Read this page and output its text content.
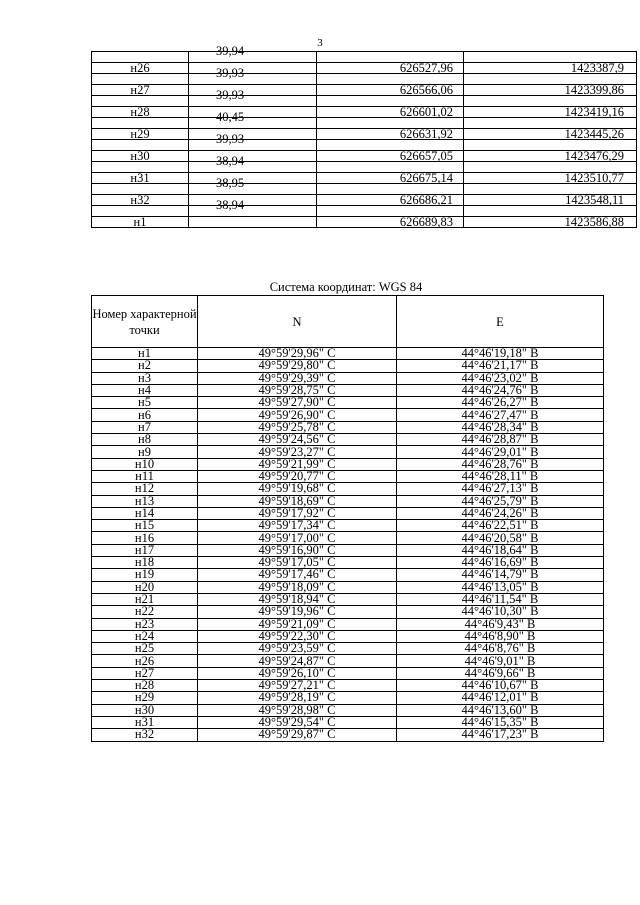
3
	39,94		
н26		626527,96	1423387,9
	39,93		
н27		626566,06	1423399,86
	39,93		
н28		626601,02	1423419,16
	40,45		
н29		626631,92	1423445,26
	39,93		
н30		626657,05	1423476,29
	38,94		
н31		626675,14	1423510,77
	38,95		
н32		626686,21	1423548,11
	38,94		
н1		626689,83	1423586,88
Система координат: WGS 84
Номер характерной точки	N	E
н1	49°59'29,96" С	44°46'19,18" В
н2	49°59'29,80" С	44°46'21,17" В
н3	49°59'29,39" С	44°46'23,02" В
н4	49°59'28,75" С	44°46'24,76" В
н5	49°59'27,90" С	44°46'26,27" В
н6	49°59'26,90" С	44°46'27,47" В
н7	49°59'25,78" С	44°46'28,34" В
н8	49°59'24,56" С	44°46'28,87" В
н9	49°59'23,27" С	44°46'29,01" В
н10	49°59'21,99" С	44°46'28,76" В
н11	49°59'20,77" С	44°46'28,11" В
н12	49°59'19,68" С	44°46'27,13" В
н13	49°59'18,69" С	44°46'25,79" В
н14	49°59'17,92" С	44°46'24,26" В
н15	49°59'17,34" С	44°46'22,51" В
н16	49°59'17,00" С	44°46'20,58" В
н17	49°59'16,90" С	44°46'18,64" В
н18	49°59'17,05" С	44°46'16,69" В
н19	49°59'17,46" С	44°46'14,79" В
н20	49°59'18,09" С	44°46'13,05" В
н21	49°59'18,94" С	44°46'11,54" В
н22	49°59'19,96" С	44°46'10,30" В
н23	49°59'21,09" С	44°46'9,43" В
н24	49°59'22,30" С	44°46'8,90" В
н25	49°59'23,59" С	44°46'8,76" В
н26	49°59'24,87" С	44°46'9,01" В
н27	49°59'26,10" С	44°46'9,66" В
н28	49°59'27,21" С	44°46'10,67" В
н29	49°59'28,19" С	44°46'12,01" В
н30	49°59'28,98" С	44°46'13,60" В
н31	49°59'29,54" С	44°46'15,35" В
н32	49°59'29,87" С	44°46'17,23" В
